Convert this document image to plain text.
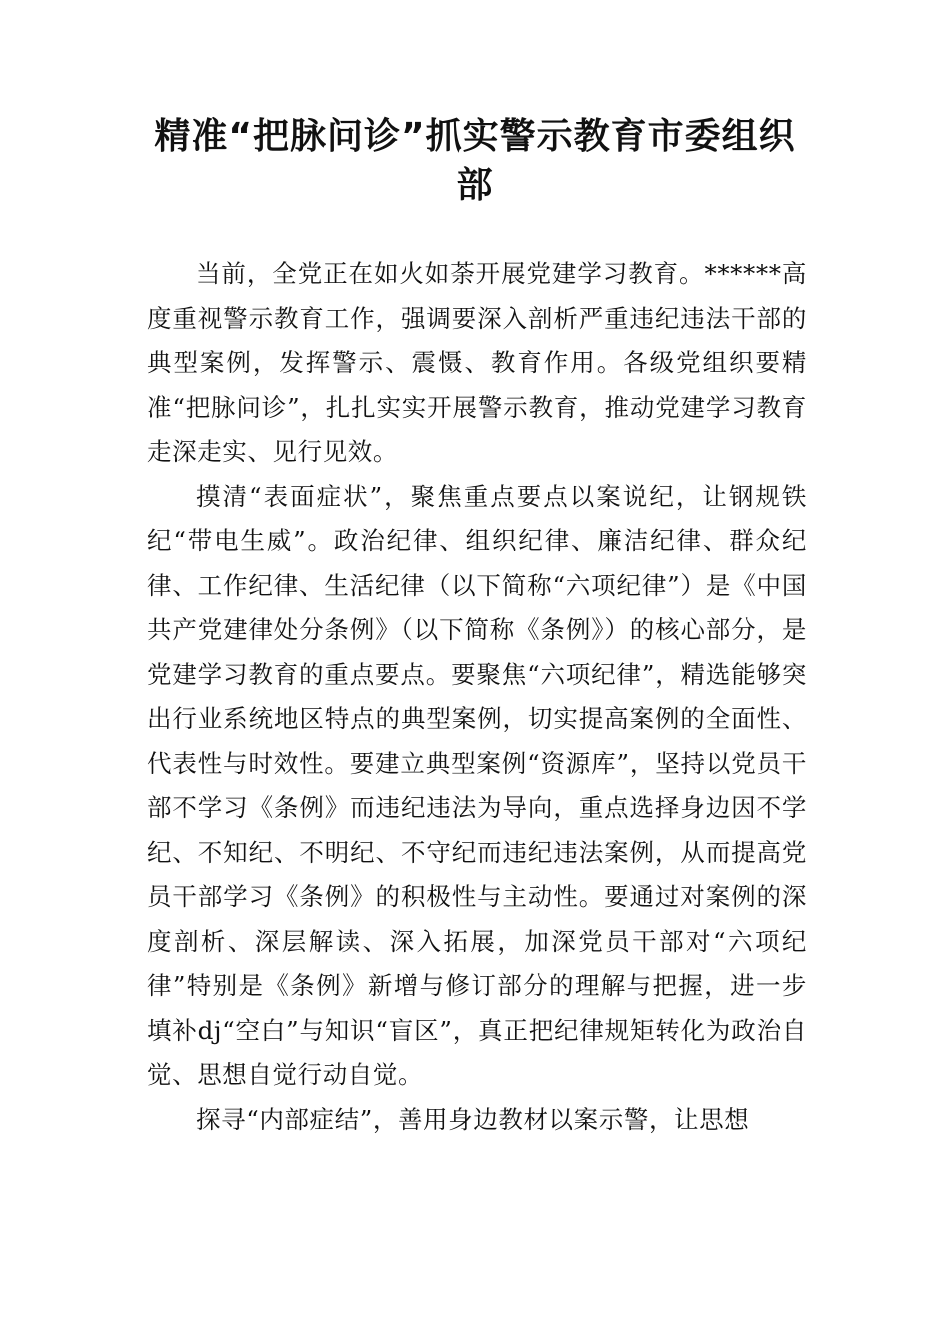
精准“把脉问诊”抓实警示教育市委组织部

当前，全党正在如火如荼开展党建学习教育。******高度重视警示教育工作，强调要深入剖析严重违纪违法干部的典型案例，发挥警示、震慑、教育作用。各级党组织要精准“把脉问诊”，扎扎实实开展警示教育，推动党建学习教育走深走实、见行见效。

摸清“表面症状”，聚焦重点要点以案说纪，让钢规铁纪“带电生威”。政治纪律、组织纪律、廉洁纪律、群众纪律、工作纪律、生活纪律（以下简称“六项纪律”）是《中国共产党建律处分条例》（以下简称《条例》）的核心部分，是党建学习教育的重点要点。要聚焦“六项纪律”，精选能够突出行业系统地区特点的典型案例，切实提高案例的全面性、代表性与时效性。要建立典型案例“资源库”，坚持以党员干部不学习《条例》而违纪违法为导向，重点选择身边因不学纪、不知纪、不明纪、不守纪而违纪违法案例，从而提高党员干部学习《条例》的积极性与主动性。要通过对案例的深度剖析、深层解读、深入拓展，加深党员干部对“六项纪律”特别是《条例》新增与修订部分的理解与把握，进一步填补dj“空白”与知识“盲区”，真正把纪律规矩转化为政治自觉、思想自觉行动自觉。

探寻“内部症结”，善用身边教材以案示警，让思想
